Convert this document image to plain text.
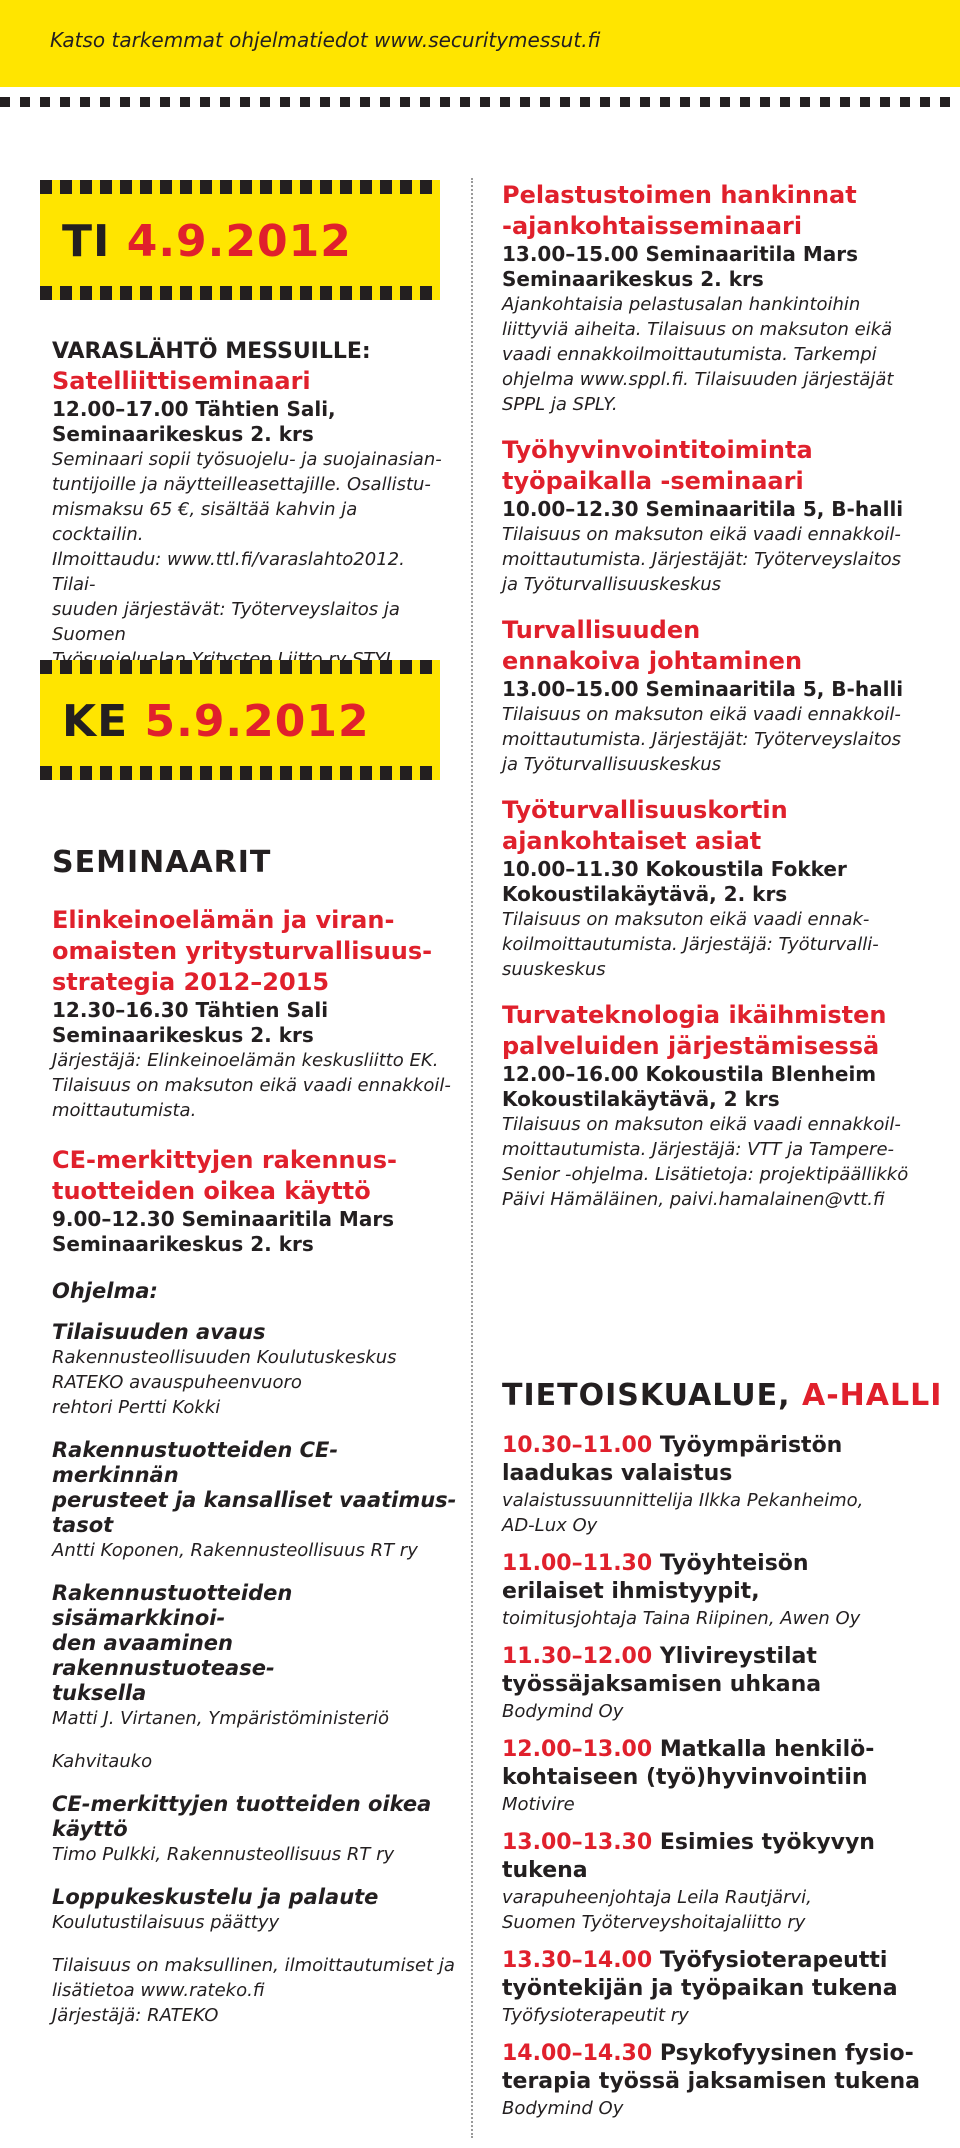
Katso tarkemmat ohjelmatiedot www.securitymessut.fi
TI 4.9.2012
VARASLÄHTÖ MESSUILLE:
Satelliittiseminaari
12.00–17.00 Tähtien Sali,
Seminaarikeskus 2. krs
Seminaari sopii työsuojelu- ja suojainasian-
tuntijoille ja näytteilleasettajille. Osallistu-
mismaksu 65 €, sisältää kahvin ja cocktailin.
Ilmoittaudu: www.ttl.fi/varaslahto2012. Tilai-
suuden järjestävät: Työterveyslaitos ja Suomen
KE 5.9.2012
SEMINAARIT
Elinkeinoelämän ja viran-
omaisten yritysturvallisuus-
strategia 2012–2015
12.30–16.30 Tähtien Sali
Seminaarikeskus 2. krs
Järjestäjä: Elinkeinoelämän keskusliitto EK.
Tilaisuus on maksuton eikä vaadi ennakkoil-
moittautumista.
CE-merkittyjen rakennus-
tuotteiden oikea käyttö
9.00–12.30 Seminaaritila Mars
Seminaarikeskus 2. krs
Ohjelma:
Tilaisuuden avaus
Rakennusteollisuuden Koulutuskeskus
RATEKO avauspuheenvuoro
rehtori Pertti Kokki
Rakennustuotteiden CE-merkinnän
perusteet ja kansalliset vaatimus-
tasot
Antti Koponen, Rakennusteollisuus RT ry
Rakennustuotteiden sisämarkkinoi-
den avaaminen rakennustuotease-
tuksella
Matti J. Virtanen, Ympäristöministeriö
Kahvitauko
CE-merkittyjen tuotteiden oikea
käyttö
Timo Pulkki, Rakennusteollisuus RT ry
Loppukeskustelu ja palaute
Koulutustilaisuus päättyy
Tilaisuus on maksullinen, ilmoittautumiset ja
lisätietoa www.rateko.fi
Järjestäjä: RATEKO
Pelastustoimen hankinnat
-ajankohtaisseminaari
13.00–15.00 Seminaaritila Mars
Seminaarikeskus 2. krs
Ajankohtaisia pelastusalan hankintoihin
liittyviä aiheita. Tilaisuus on maksuton eikä
vaadi ennakkoilmoittautumista. Tarkempi
ohjelma www.sppl.fi. Tilaisuuden järjestäjät
SPPL ja SPLY.
Työhyvinvointitoiminta
työpaikalla -seminaari
10.00–12.30 Seminaaritila 5, B-halli
Tilaisuus on maksuton eikä vaadi ennakkoil-
moittautumista. Järjestäjät: Työterveyslaitos
ja Työturvallisuuskeskus
Turvallisuuden
ennakoiva johtaminen
13.00–15.00 Seminaaritila 5, B-halli
Tilaisuus on maksuton eikä vaadi ennakkoil-
moittautumista. Järjestäjät: Työterveyslaitos
ja Työturvallisuuskeskus
Työturvallisuuskortin
ajankohtaiset asiat
10.00–11.30 Kokoustila Fokker
Kokoustilakäytävä, 2. krs
Tilaisuus on maksuton eikä vaadi ennak-
koilmoittautumista. Järjestäjä: Työturvalli-
suuskeskus
Turvateknologia ikäihmisten
palveluiden järjestämisessä
12.00–16.00 Kokoustila Blenheim
Kokoustilakäytävä, 2 krs
Tilaisuus on maksuton eikä vaadi ennakkoil-
moittautumista. Järjestäjä: VTT ja Tampere-
Senior -ohjelma. Lisätietoja: projektipäällikkö
Päivi Hämäläinen, paivi.hamalainen@vtt.fi
TIETOISKUALUE, A-HALLI
10.30–11.00 Työympäristön
laadukas valaistus
valaistussuunnittelija Ilkka Pekanheimo,
AD-Lux Oy
11.00–11.30 Työyhteisön
erilaiset ihmistyypit,
toimitusjohtaja Taina Riipinen, Awen Oy
11.30–12.00 Ylivireystilat
työssäjaksamisen uhkana
Bodymind Oy
12.00–13.00 Matkalla henkilö-
kohtaiseen (työ)hyvinvointiin
Motivire
13.00–13.30 Esimies työkyvyn
tukena
varapuheenjohtaja Leila Rautjärvi,
Suomen Työterveyshoitajaliitto ry
13.30–14.00 Työfysioterapeutti
työntekijän ja työpaikan tukena
Työfysioterapeutit ry
14.00–14.30 Psykofyysinen fysio-
terapia työssä jaksamisen tukena
Bodymind Oy
